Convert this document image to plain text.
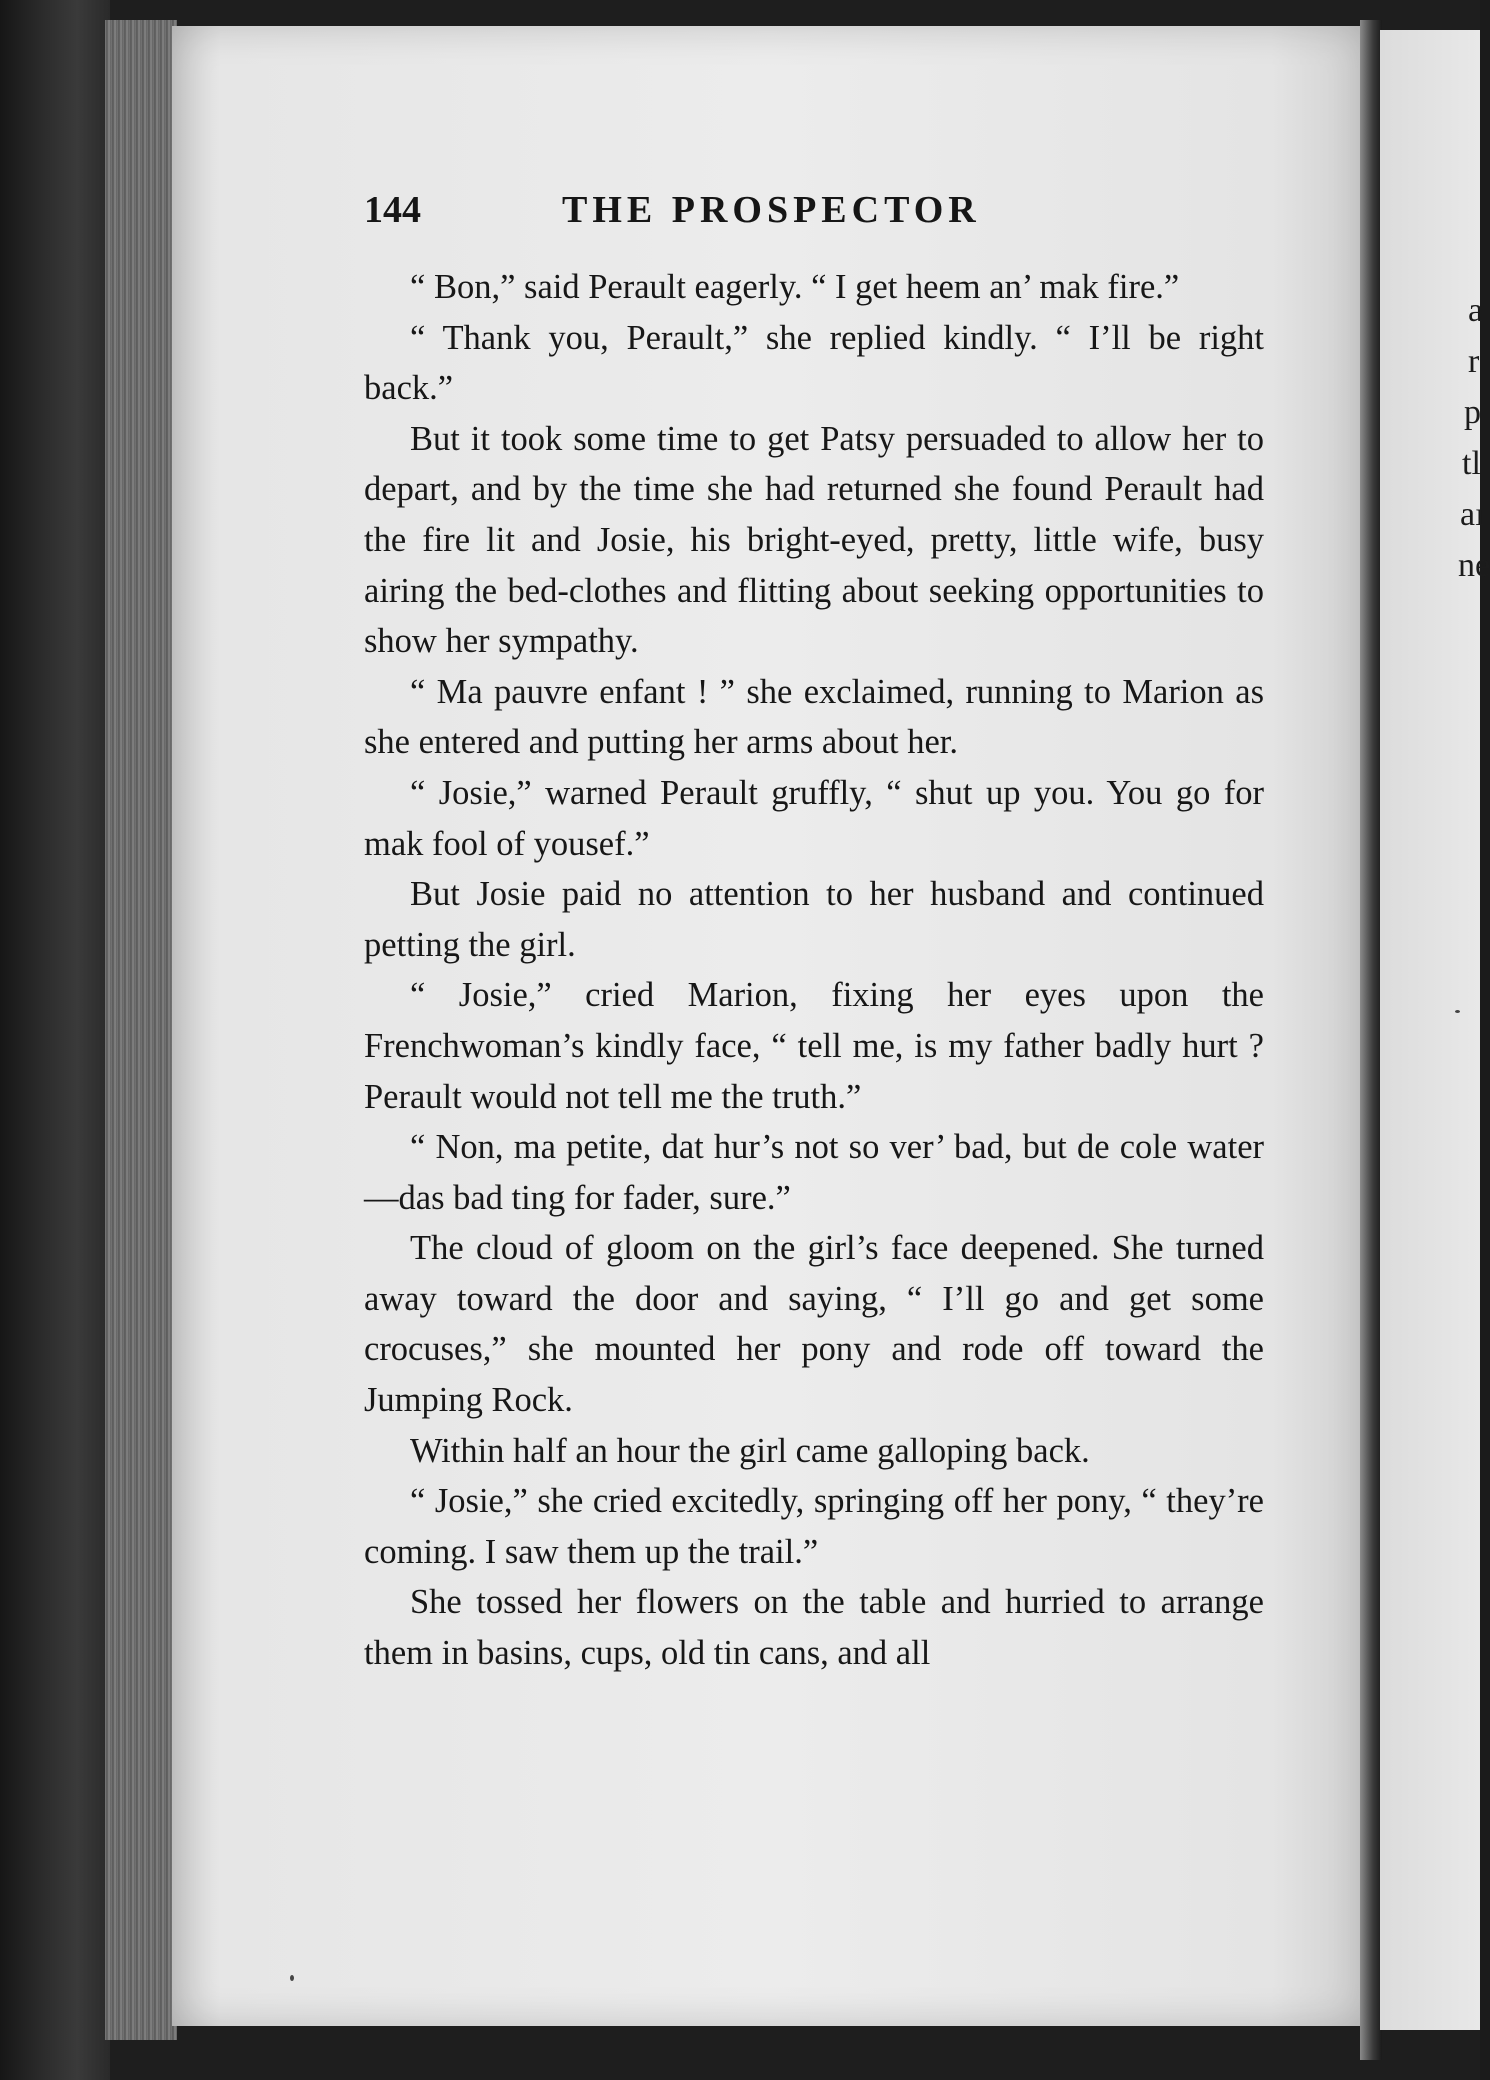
144	THE PROSPECTOR

“ Bon,” said Perault eagerly. “ I get heem an’ mak fire.”

“ Thank you, Perault,” she replied kindly. “ I’ll be right back.”

But it took some time to get Patsy persuaded to allow her to depart, and by the time she had returned she found Perault had the fire lit and Josie, his bright-eyed, pretty, little wife, busy airing the bed-clothes and flitting about seeking opportunities to show her sympathy.

“ Ma pauvre enfant ! ” she exclaimed, running to Marion as she entered and putting her arms about her.

“ Josie,” warned Perault gruffly, “ shut up you. You go for mak fool of yousef.”

But Josie paid no attention to her husband and continued petting the girl.

“ Josie,” cried Marion, fixing her eyes upon the Frenchwoman’s kindly face, “ tell me, is my father badly hurt ? Perault would not tell me the truth.”

“ Non, ma petite, dat hur’s not so ver’ bad, but de cole water—das bad ting for fader, sure.”

The cloud of gloom on the girl’s face deepened. She turned away toward the door and saying, “ I’ll go and get some crocuses,” she mounted her pony and rode off toward the Jumping Rock.

Within half an hour the girl came galloping back.

“ Josie,” she cried excitedly, springing off her pony, “ they’re coming. I saw them up the trail.”

She tossed her flowers on the table and hurried to arrange them in basins, cups, old tin cans, and all

a
r
p
tl
aı
ne
